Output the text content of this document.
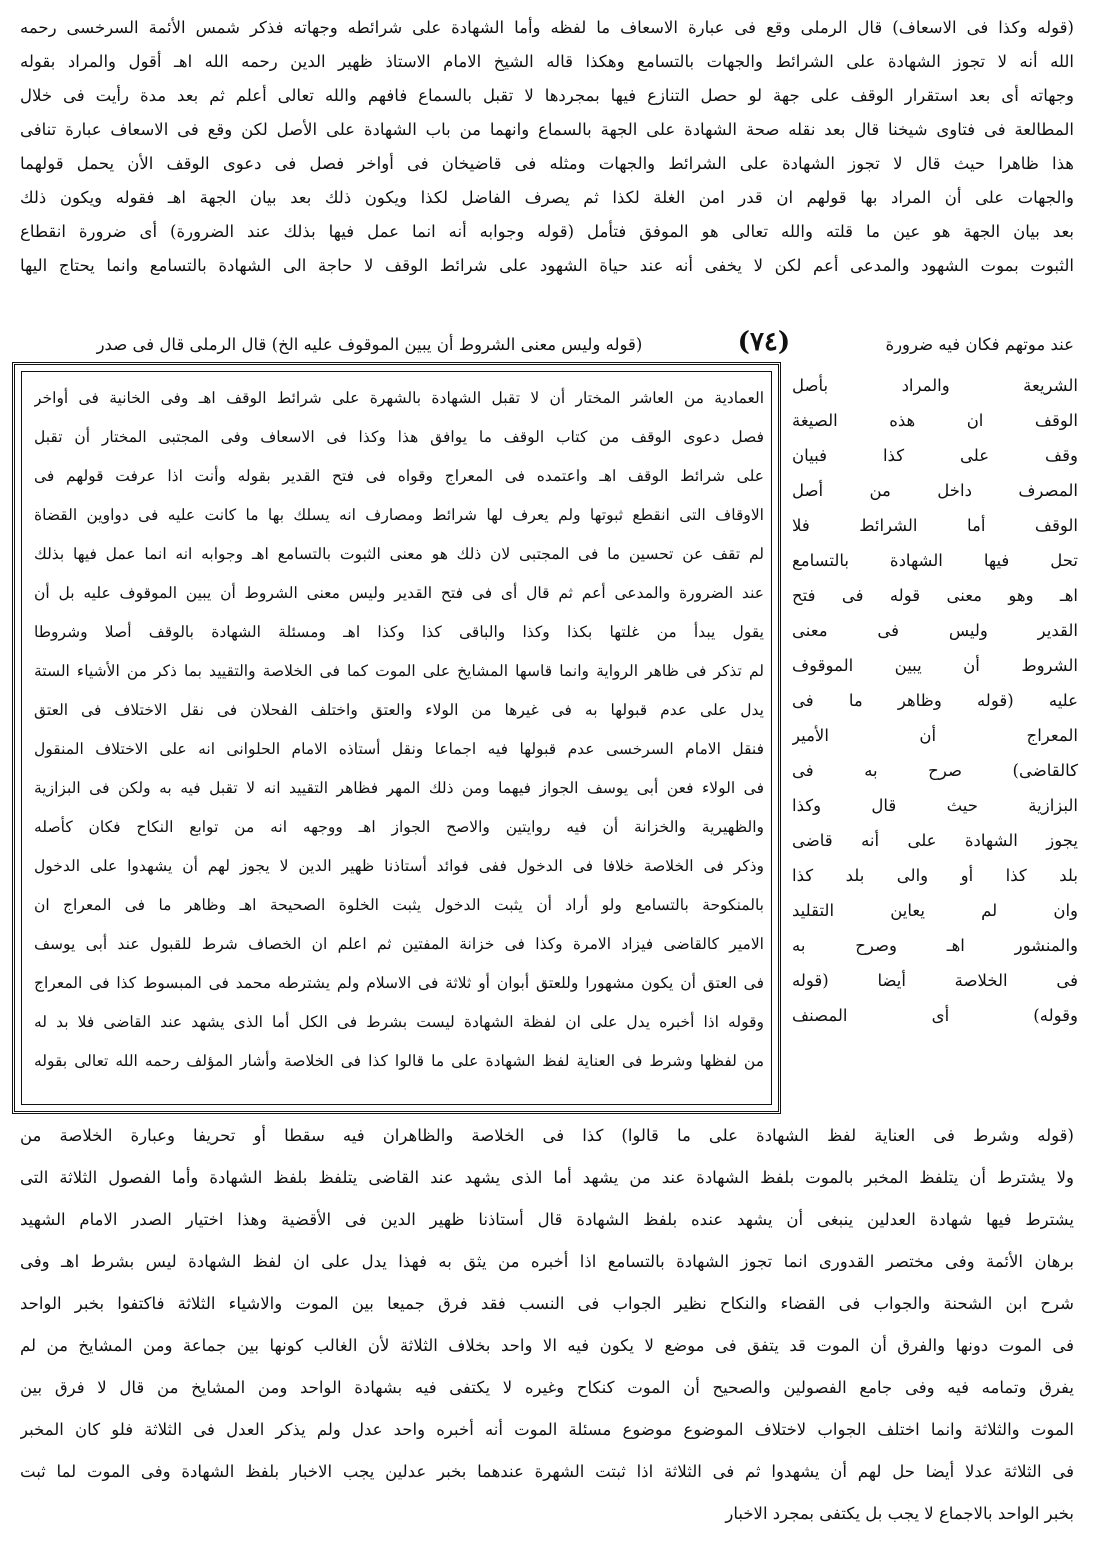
(قوله وكذا فى الاسعاف) قال الرملى وقع فى عبارة الاسعاف ما لفظه وأما الشهادة على شرائطه وجهاته فذكر شمس الأئمة السرخسى رحمه
الله أنه لا تجوز الشهادة على الشرائط والجهات بالتسامع وهكذا قاله الشيخ الامام الاستاذ ظهير الدين رحمه الله اهـ أقول والمراد بقوله
وجهاته أى بعد استقرار الوقف على جهة لو حصل التنازع فيها بمجردها لا تقبل بالسماع فافهم والله تعالى أعلم ثم بعد مدة رأيت فى خلال
المطالعة فى فتاوى شيخنا قال بعد نقله صحة الشهادة على الجهة بالسماع وانهما من باب الشهادة على الأصل لكن وقع فى الاسعاف عبارة تنافى
هذا ظاهرا حيث قال لا تجوز الشهادة على الشرائط والجهات ومثله فى قاضيخان فى أواخر فصل فى دعوى الوقف الأن يحمل قولهما
والجهات على أن المراد بها قولهم ان قدر امن الغلة لكذا ثم يصرف الفاضل لكذا ويكون ذلك بعد بيان الجهة اهـ فقوله ويكون ذلك
بعد بيان الجهة هو عين ما قلته والله تعالى هو الموفق فتأمل (قوله وجوابه أنه انما عمل فيها بذلك عند الضرورة) أى ضرورة انقطاع
الثبوت بموت الشهود والمدعى أعم لكن لا يخفى أنه عند حياة الشهود على شرائط الوقف لا حاجة الى الشهادة بالتسامع وانما يحتاج اليها
عند موتهم فكان فيه ضرورة (٧٤) (قوله وليس معنى الشروط أن يبين الموقوف عليه الخ) قال الرملى قال فى صدر
الشريعة والمراد بأصل
الوقف ان هذه الصيغة
وقف على كذا فبيان
المصرف داخل من أصل
الوقف أما الشرائط فلا
تحل فيها الشهادة بالتسامع
اهـ وهو معنى قوله فى فتح
القدير وليس فى معنى
الشروط أن يبين الموقوف
عليه (قوله وظاهر ما فى
المعراج أن الأمير
كالقاضى) صرح به فى
البزازية حيث قال وكذا
يجوز الشهادة على أنه قاضى
بلد كذا أو والى بلد كذا
وان لم يعاين التقليد
والمنشور اهـ وصرح به
فى الخلاصة أيضا (قوله
وقوله) أى المصنف
العمادية من العاشر المختار أن لا تقبل الشهادة بالشهرة على شرائط الوقف اهـ وفى الخانية فى أواخر
فصل دعوى الوقف من كتاب الوقف ما يوافق هذا وكذا فى الاسعاف وفى المجتبى المختار أن تقبل
على شرائط الوقف اهـ واعتمده فى المعراج وقواه فى فتح القدير بقوله وأنت اذا عرفت قولهم فى
الاوقاف التى انقطع ثبوتها ولم يعرف لها شرائط ومصارف انه يسلك بها ما كانت عليه فى دواوين القضاة
لم تقف عن تحسين ما فى المجتبى لان ذلك هو معنى الثبوت بالتسامع اهـ وجوابه انه انما عمل فيها بذلك
عند الضرورة والمدعى أعم ثم قال أى فى فتح القدير وليس معنى الشروط أن يبين الموقوف عليه بل أن
يقول يبدأ من غلتها بكذا وكذا والباقى كذا وكذا اهـ ومسئلة الشهادة بالوقف أصلا وشروطا
لم تذكر فى ظاهر الرواية وانما قاسها المشايخ على الموت كما فى الخلاصة والتقييد بما ذكر من الأشياء الستة
يدل على عدم قبولها به فى غيرها من الولاء والعتق واختلف الفحلان فى نقل الاختلاف فى العتق
فنقل الامام السرخسى عدم قبولها فيه اجماعا ونقل أستاذه الامام الحلوانى انه على الاختلاف المنقول
فى الولاء فعن أبى يوسف الجواز فيهما ومن ذلك المهر فظاهر التقييد انه لا تقبل فيه به ولكن فى البزازية
والظهيرية والخزانة أن فيه روايتين والاصح الجواز اهـ ووجهه انه من توابع النكاح فكان كأصله
وذكر فى الخلاصة خلافا فى الدخول ففى فوائد أستاذنا ظهير الدين لا يجوز لهم أن يشهدوا على الدخول
بالمنكوحة بالتسامع ولو أراد أن يثبت الدخول يثبت الخلوة الصحيحة اهـ وظاهر ما فى المعراج ان
الامير كالقاضى فيزاد الامرة وكذا فى خزانة المفتين ثم اعلم ان الخصاف شرط للقبول عند أبى يوسف
فى العتق أن يكون مشهورا وللعتق أبوان أو ثلاثة فى الاسلام ولم يشترطه محمد فى المبسوط كذا فى المعراج
وقوله اذا أخبره يدل على ان لفظة الشهادة ليست بشرط فى الكل أما الذى يشهد عند القاضى فلا بد له
من لفظها وشرط فى العناية لفظ الشهادة على ما قالوا كذا فى الخلاصة وأشار المؤلف رحمه الله تعالى بقوله
(قوله وشرط فى العناية لفظ الشهادة على ما قالوا) كذا فى الخلاصة والظاهران فيه سقطا أو تحريفا وعبارة الخلاصة من
ولا يشترط أن يتلفظ المخبر بالموت بلفظ الشهادة عند من يشهد أما الذى يشهد عند القاضى يتلفظ بلفظ الشهادة وأما الفصول الثلاثة التى
يشترط فيها شهادة العدلين ينبغى أن يشهد عنده بلفظ الشهادة قال أستاذنا ظهير الدين فى الأقضية وهذا اختيار الصدر الامام الشهيد
برهان الأئمة وفى مختصر القدورى انما تجوز الشهادة بالتسامع اذا أخبره من يثق به فهذا يدل على ان لفظ الشهادة ليس بشرط اهـ وفى
شرح ابن الشحنة والجواب فى القضاء والنكاح نظير الجواب فى النسب فقد فرق جميعا بين الموت والاشياء الثلاثة فاكتفوا بخبر الواحد
فى الموت دونها والفرق أن الموت قد يتفق فى موضع لا يكون فيه الا واحد بخلاف الثلاثة لأن الغالب كونها بين جماعة ومن المشايخ من لم
يفرق وتمامه فيه وفى جامع الفصولين والصحيح أن الموت كنكاح وغيره لا يكتفى فيه بشهادة الواحد ومن المشايخ من قال لا فرق بين
الموت والثلاثة وانما اختلف الجواب لاختلاف الموضوع موضوع مسئلة الموت أنه أخبره واحد عدل ولم يذكر العدل فى الثلاثة فلو كان المخبر
فى الثلاثة عدلا أيضا حل لهم أن يشهدوا ثم فى الثلاثة اذا ثبتت الشهرة عندهما بخبر عدلين يجب الاخبار بلفظ الشهادة وفى الموت لما ثبت
بخبر الواحد بالاجماع لا يجب بل يكتفى بمجرد الاخبار
